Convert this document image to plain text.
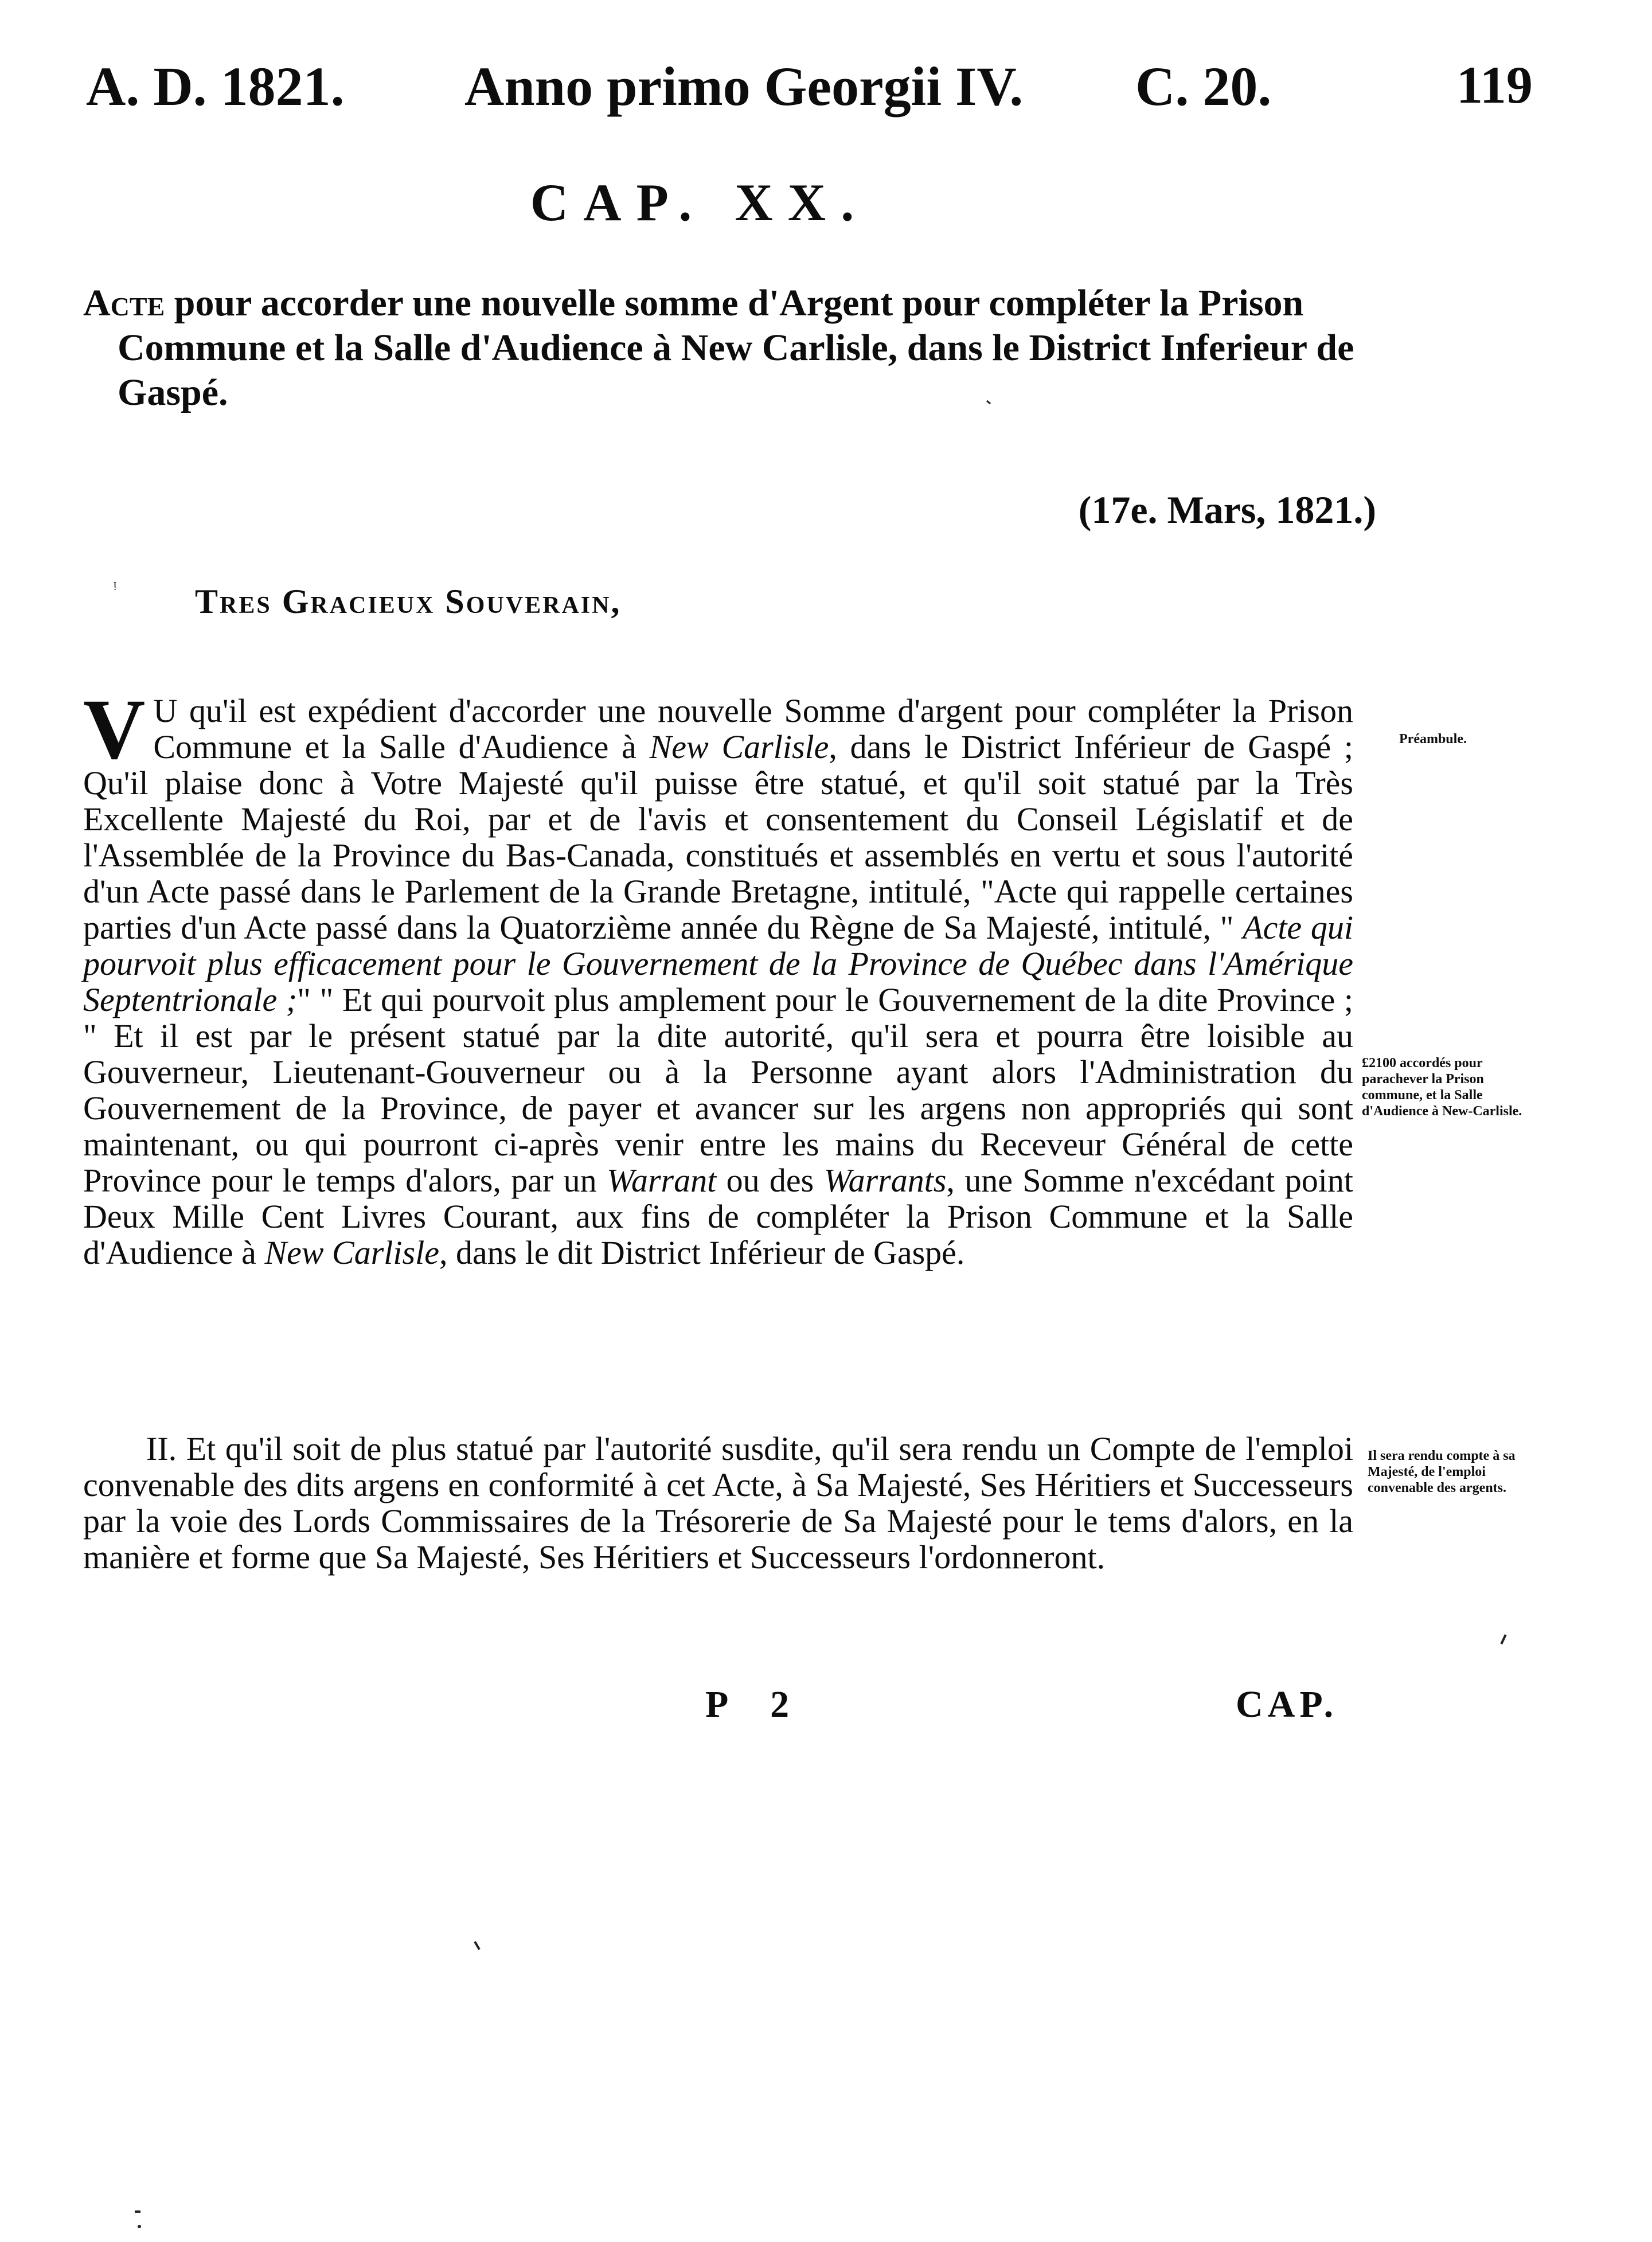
A. D. 1821. Anno primo Georgii IV. C. 20.	119
CAP. XX.
Acte pour accorder une nouvelle somme d'Argent pour compléter la Prison Commune et la Salle d'Audience à New Carlisle, dans le District Inferieur de Gaspé.
(17e. Mars, 1821.)
ᵎ Tres Gracieux Souverain,
V U qu'il est expédient d'accorder une nouvelle Somme d'argent pour compléter la Prison Commune et la Salle d'Audience à New Carlisle, dans le District Inférieur de Gaspé ; Qu'il plaise donc à Votre Majesté qu'il puisse être statué, et qu'il soit statué par la Très Excellente Majesté du Roi, par et de l'avis et consentement du Conseil Législatif et de l'Assemblée de la Province du Bas-Canada, constitués et assemblés en vertu et sous l'autorité d'un Acte passé dans le Parlement de la Grande Bretagne, intitulé, "Acte qui rappelle certaines parties d'un Acte passé dans la Quatorzième année du Règne de Sa Majesté, intitulé, " Acte qui pourvoit plus efficacement pour le Gouvernement de la Province de Québec dans l'Amérique Septentrionale ;" " Et qui pourvoit plus amplement pour le Gouvernement de la dite Province ; " Et il est par le présent statué par la dite autorité, qu'il sera et pourra être loisible au Gouverneur, Lieutenant-Gouverneur ou à la Personne ayant alors l'Administration du Gouvernement de la Province, de payer et avancer sur les argens non appropriés qui sont maintenant, ou qui pourront ci-après venir entre les mains du Receveur Général de cette Province pour le temps d'alors, par un Warrant ou des Warrants, une Somme n'excédant point Deux Mille Cent Livres Courant, aux fins de compléter la Prison Commune et la Salle d'Audience à New Carlisle, dans le dit District Inférieur de Gaspé.
II. Et qu'il soit de plus statué par l'autorité susdite, qu'il sera rendu un Compte de l'emploi convenable des dits argens en conformité à cet Acte, à Sa Majesté, Ses Héritiers et Successeurs par la voie des Lords Commissaires de la Trésorerie de Sa Majesté pour le tems d'alors, en la manière et forme que Sa Majesté, Ses Héritiers et Successeurs l'ordonneront.
Préambule.
£2100 accordés pour parachever la Prison commune, et la Salle d'Audience à New-Carlisle.
Il sera rendu compte à sa Majesté, de l'emploi convenable des argents.
P 2	CAP.
